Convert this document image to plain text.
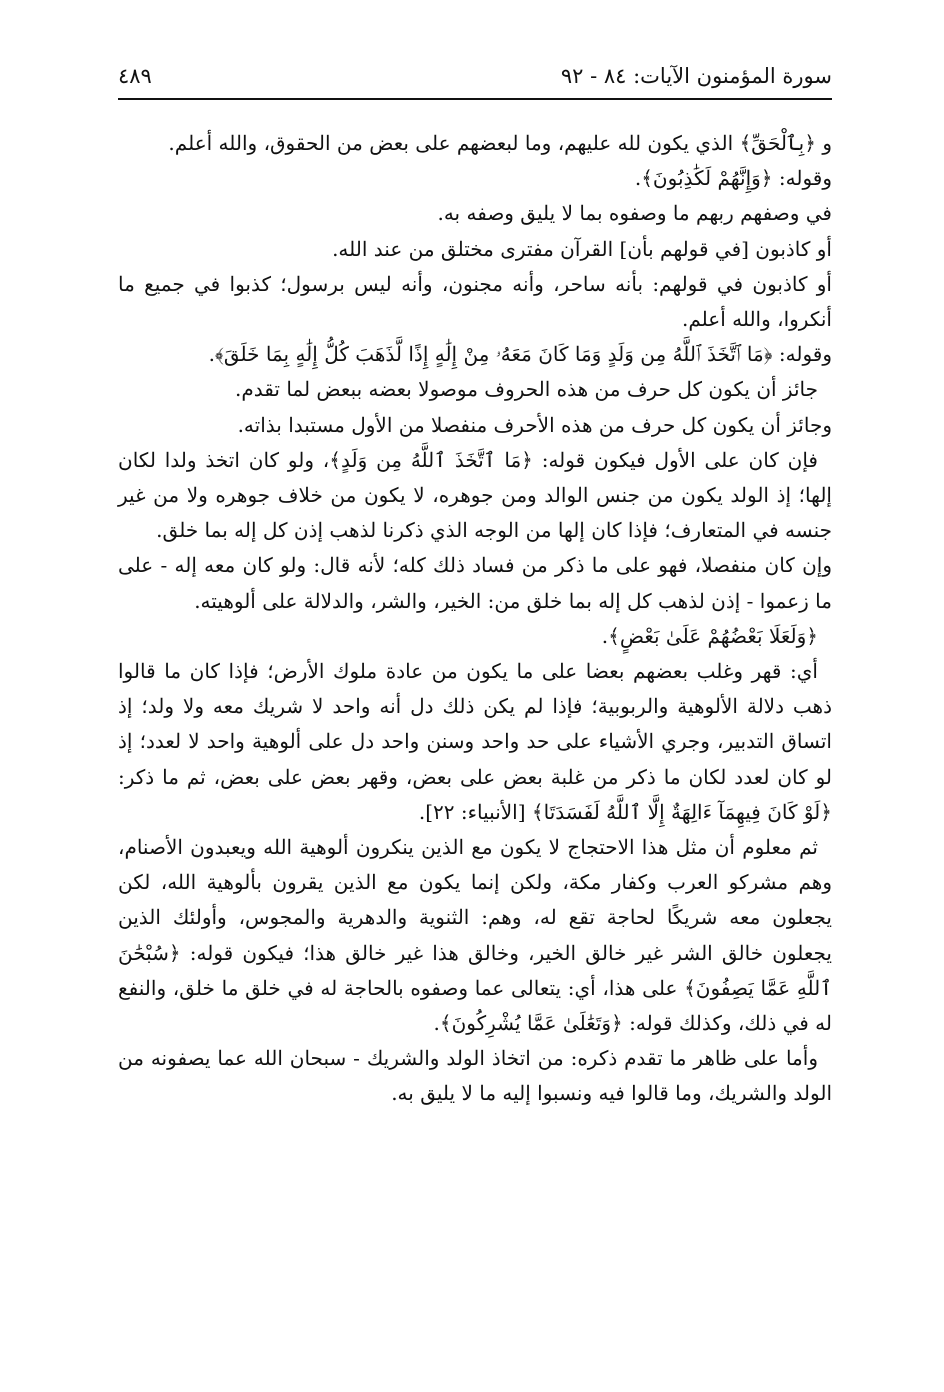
سورة المؤمنون الآيات: ٨٤ - ٩٢
٤٨٩

و ﴿بِٱلْحَقِّ﴾ الذي يكون لله عليهم، وما لبعضهم على بعض من الحقوق، والله أعلم.

وقوله: ﴿وَإِنَّهُمْ لَكَٰذِبُونَ﴾.

في وصفهم ربهم ما وصفوه بما لا يليق وصفه به.

أو كاذبون [في قولهم بأن] القرآن مفترى مختلق من عند الله.

أو كاذبون في قولهم: بأنه ساحر، وأنه مجنون، وأنه ليس برسول؛ كذبوا في جميع ما أنكروا، والله أعلم.

وقوله: ﴿مَا ٱتَّخَذَ ٱللَّهُ مِن وَلَدٍ وَمَا كَانَ مَعَهُۥ مِنْ إِلَٰهٍ إِذًا لَّذَهَبَ كُلُّ إِلَٰهٍ بِمَا خَلَقَ﴾.

جائز أن يكون كل حرف من هذه الحروف موصولا بعضه ببعض لما تقدم.

وجائز أن يكون كل حرف من هذه الأحرف منفصلا من الأول مستبدا بذاته.

فإن كان على الأول فيكون قوله: ﴿مَا ٱتَّخَذَ ٱللَّهُ مِن وَلَدٍ﴾، ولو كان اتخذ ولدا لكان إلها؛ إذ الولد يكون من جنس الوالد ومن جوهره، لا يكون من خلاف جوهره ولا من غير جنسه في المتعارف؛ فإذا كان إلها من الوجه الذي ذكرنا لذهب إذن كل إله بما خلق.

وإن كان منفصلا، فهو على ما ذكر من فساد ذلك كله؛ لأنه قال: ولو كان معه إله - على ما زعموا - إذن لذهب كل إله بما خلق من: الخير، والشر، والدلالة على ألوهيته.

﴿وَلَعَلَا بَعْضُهُمْ عَلَىٰ بَعْضٍ﴾.

أي: قهر وغلب بعضهم بعضا على ما يكون من عادة ملوك الأرض؛ فإذا كان ما قالوا ذهب دلالة الألوهية والربوبية؛ فإذا لم يكن ذلك دل أنه واحد لا شريك معه ولا ولد؛ إذ اتساق التدبير، وجري الأشياء على حد واحد وسنن واحد دل على ألوهية واحد لا لعدد؛ إذ لو كان لعدد لكان ما ذكر من غلبة بعض على بعض، وقهر بعض على بعض، ثم ما ذكر: ﴿لَوْ كَانَ فِيهِمَآ ءَالِهَةٌ إِلَّا ٱللَّهُ لَفَسَدَتَا﴾ [الأنبياء: ٢٢].

ثم معلوم أن مثل هذا الاحتجاج لا يكون مع الذين ينكرون ألوهية الله ويعبدون الأصنام، وهم مشركو العرب وكفار مكة، ولكن إنما يكون مع الذين يقرون بألوهية الله، لكن يجعلون معه شريكًا لحاجة تقع له، وهم: الثنوية والدهرية والمجوس، وأولئك الذين يجعلون خالق الشر غير خالق الخير، وخالق هذا غير خالق هذا؛ فيكون قوله: ﴿سُبْحَٰنَ ٱللَّهِ عَمَّا يَصِفُونَ﴾ على هذا، أي: يتعالى عما وصفوه بالحاجة له في خلق ما خلق، والنفع له في ذلك، وكذلك قوله: ﴿وَتَعَٰلَىٰ عَمَّا يُشْرِكُونَ﴾.

وأما على ظاهر ما تقدم ذكره: من اتخاذ الولد والشريك - سبحان الله عما يصفونه من الولد والشريك، وما قالوا فيه ونسبوا إليه ما لا يليق به.
